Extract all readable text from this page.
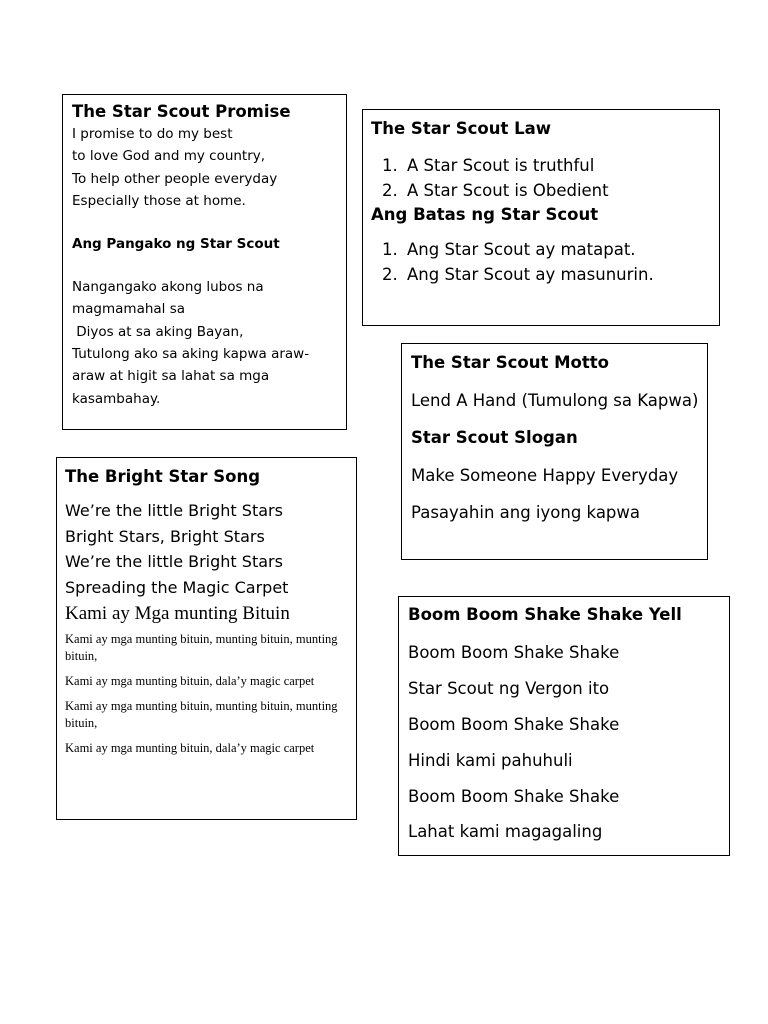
The Star Scout Promise
I promise to do my best
to love God and my country,
To help other people everyday
Especially those at home.
Ang Pangako ng Star Scout
Nangangako akong lubos na
magmamahal sa
Diyos at sa aking Bayan,
Tutulong ako sa aking kapwa araw-
araw at higit sa lahat sa mga
kasambahay.
The Star Scout Law
1. A Star Scout is truthful
2. A Star Scout is Obedient
Ang Batas ng Star Scout
1. Ang Star Scout ay matapat.
2. Ang Star Scout ay masunurin.
The Star Scout Motto
Lend A Hand (Tumulong sa Kapwa)
Star Scout Slogan
Make Someone Happy Everyday
Pasayahin ang iyong kapwa
The Bright Star Song
We’re the little Bright Stars
Bright Stars, Bright Stars
We’re the little Bright Stars
Spreading the Magic Carpet
Kami ay Mga munting Bituin
Kami ay mga munting bituin, munting bituin, munting bituin,
Kami ay mga munting bituin, dala’y magic carpet
Kami ay mga munting bituin, munting bituin, munting bituin,
Kami ay mga munting bituin, dala’y magic carpet
Boom Boom Shake Shake Yell
Boom Boom Shake Shake
Star Scout ng Vergon ito
Boom Boom Shake Shake
Hindi kami pahuhuli
Boom Boom Shake Shake
Lahat kami magagaling
